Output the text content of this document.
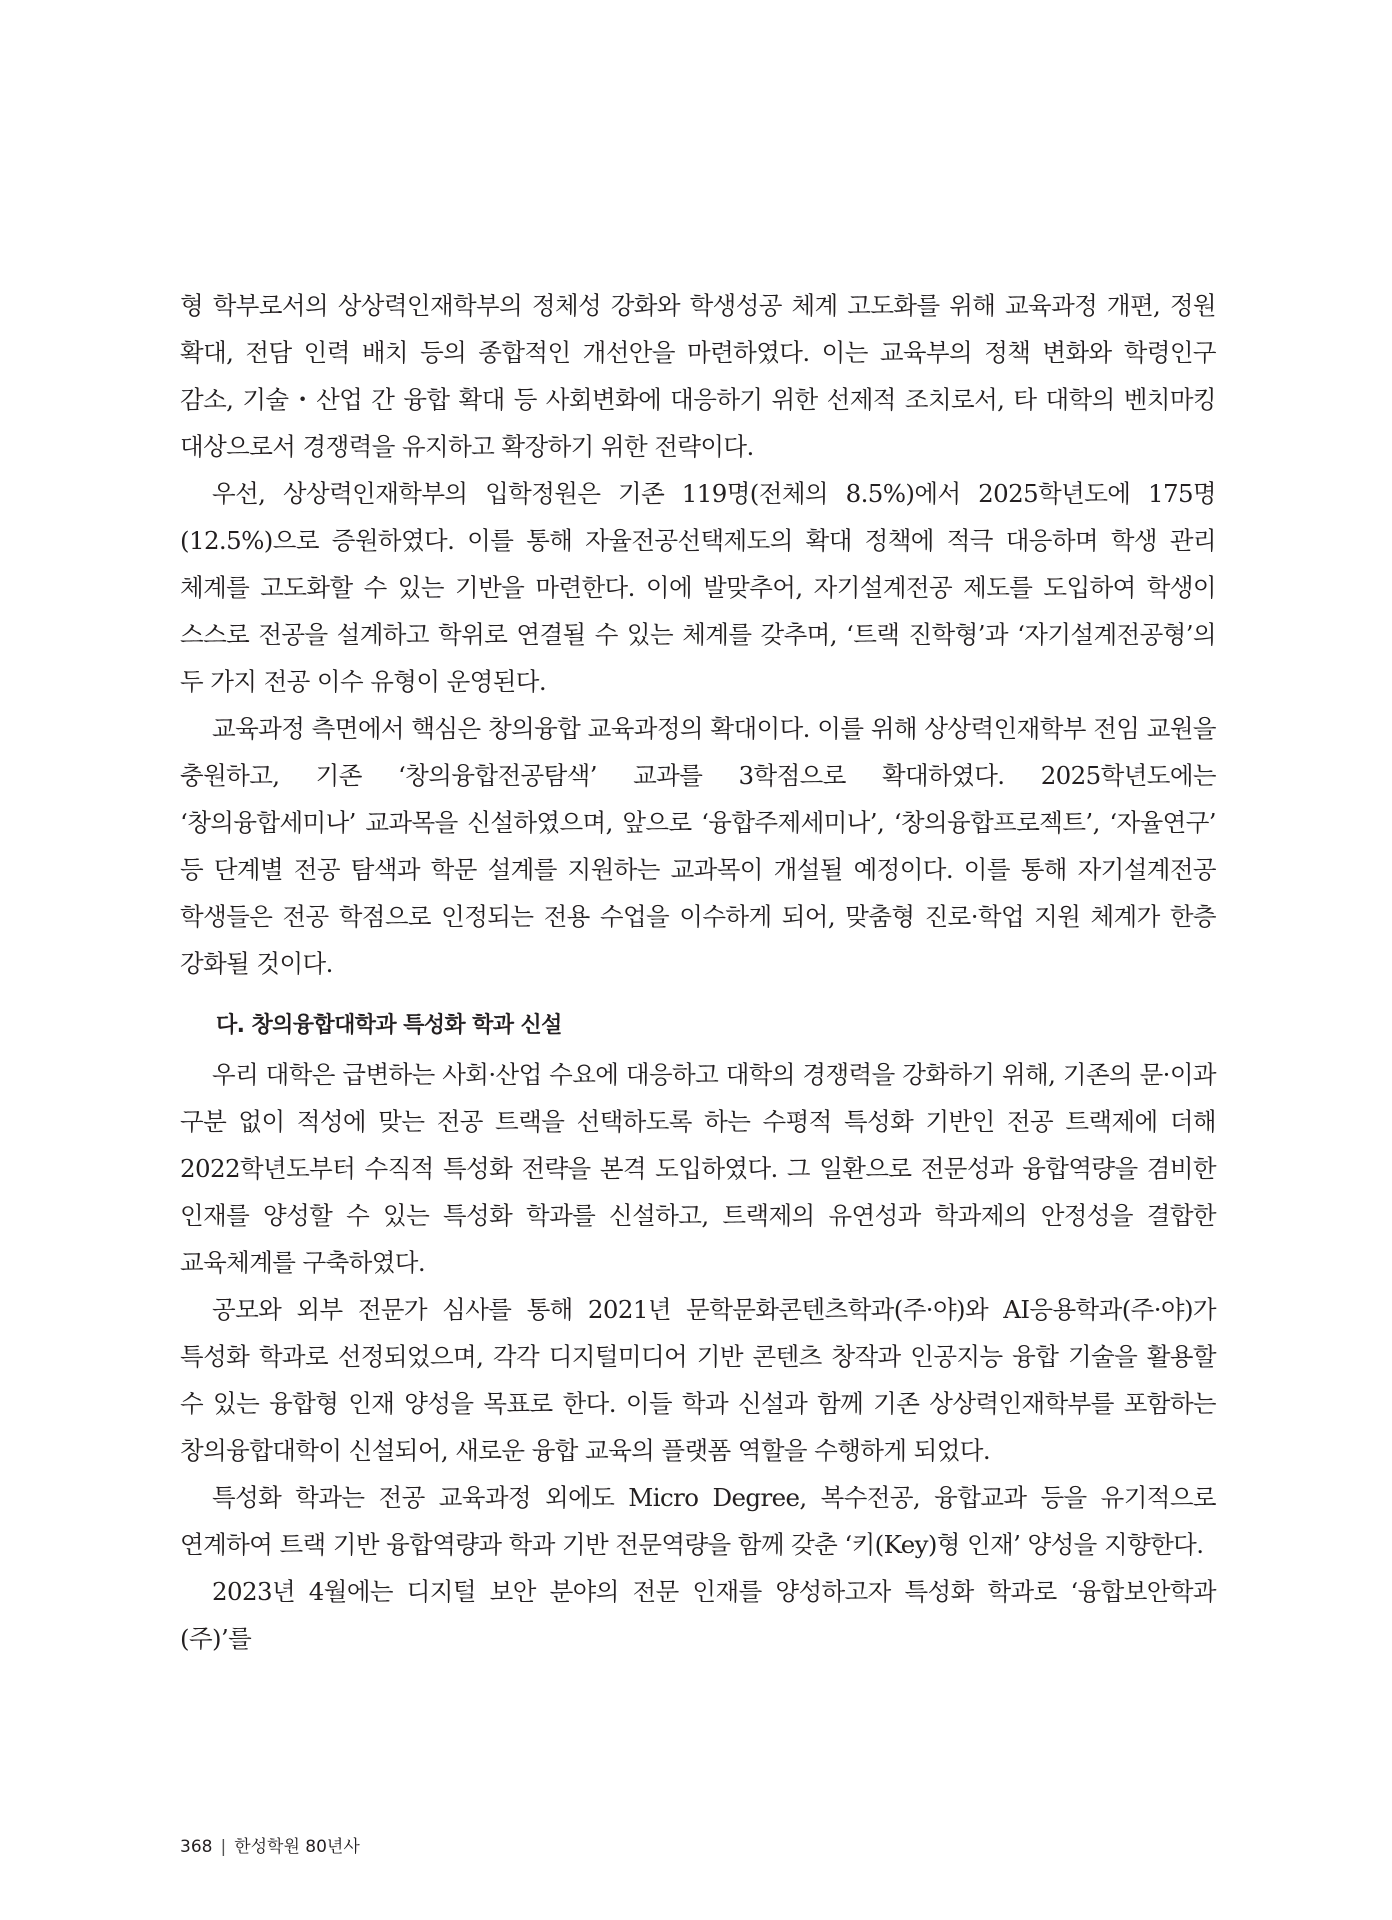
형 학부로서의 상상력인재학부의 정체성 강화와 학생성공 체계 고도화를 위해 교육과정 개편, 정원 확대, 전담 인력 배치 등의 종합적인 개선안을 마련하였다. 이는 교육부의 정책 변화와 학령인구 감소, 기술・산업 간 융합 확대 등 사회변화에 대응하기 위한 선제적 조치로서, 타 대학의 벤치마킹 대상으로서 경쟁력을 유지하고 확장하기 위한 전략이다.

우선, 상상력인재학부의 입학정원은 기존 119명(전체의 8.5%)에서 2025학년도에 175명(12.5%)으로 증원하였다. 이를 통해 자율전공선택제도의 확대 정책에 적극 대응하며 학생 관리 체계를 고도화할 수 있는 기반을 마련한다. 이에 발맞추어, 자기설계전공 제도를 도입하여 학생이 스스로 전공을 설계하고 학위로 연결될 수 있는 체계를 갖추며, ‘트랙 진학형’과 ‘자기설계전공형’의 두 가지 전공 이수 유형이 운영된다.

교육과정 측면에서 핵심은 창의융합 교육과정의 확대이다. 이를 위해 상상력인재학부 전임 교원을 충원하고, 기존 ‘창의융합전공탐색’ 교과를 3학점으로 확대하였다. 2025학년도에는 ‘창의융합세미나’ 교과목을 신설하였으며, 앞으로 ‘융합주제세미나’, ‘창의융합프로젝트’, ‘자율연구’ 등 단계별 전공 탐색과 학문 설계를 지원하는 교과목이 개설될 예정이다. 이를 통해 자기설계전공 학생들은 전공 학점으로 인정되는 전용 수업을 이수하게 되어, 맞춤형 진로·학업 지원 체계가 한층 강화될 것이다.

다. 창의융합대학과 특성화 학과 신설

우리 대학은 급변하는 사회·산업 수요에 대응하고 대학의 경쟁력을 강화하기 위해, 기존의 문·이과 구분 없이 적성에 맞는 전공 트랙을 선택하도록 하는 수평적 특성화 기반인 전공 트랙제에 더해 2022학년도부터 수직적 특성화 전략을 본격 도입하였다. 그 일환으로 전문성과 융합역량을 겸비한 인재를 양성할 수 있는 특성화 학과를 신설하고, 트랙제의 유연성과 학과제의 안정성을 결합한 교육체계를 구축하였다.

공모와 외부 전문가 심사를 통해 2021년 문학문화콘텐츠학과(주·야)와 AI응용학과(주·야)가 특성화 학과로 선정되었으며, 각각 디지털미디어 기반 콘텐츠 창작과 인공지능 융합 기술을 활용할 수 있는 융합형 인재 양성을 목표로 한다. 이들 학과 신설과 함께 기존 상상력인재학부를 포함하는 창의융합대학이 신설되어, 새로운 융합 교육의 플랫폼 역할을 수행하게 되었다.

특성화 학과는 전공 교육과정 외에도 Micro Degree, 복수전공, 융합교과 등을 유기적으로 연계하여 트랙 기반 융합역량과 학과 기반 전문역량을 함께 갖춘 ‘키(Key)형 인재’ 양성을 지향한다.

2023년 4월에는 디지털 보안 분야의 전문 인재를 양성하고자 특성화 학과로 ‘융합보안학과(주)’를

368 | 한성학원 80년사
